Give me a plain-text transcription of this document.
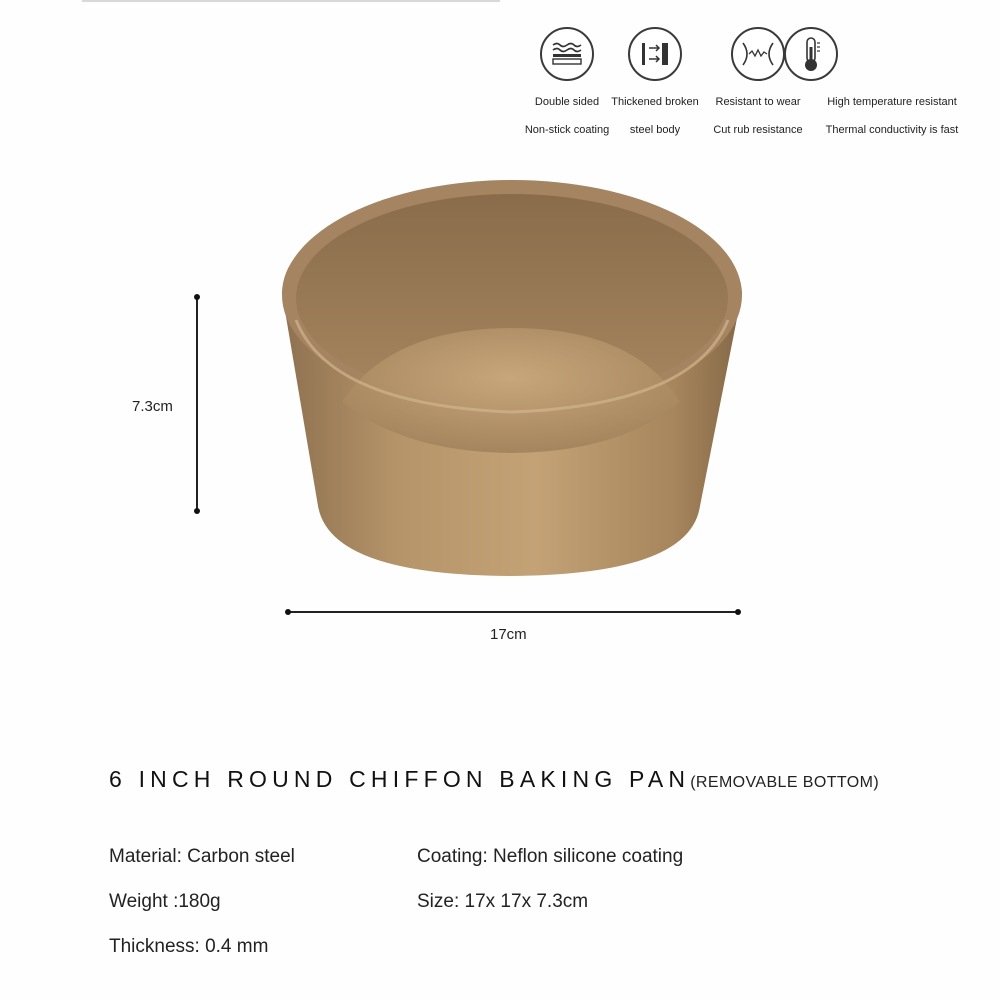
Double sided
Non-stick coating
Thickened broken
steel body
Resistant to wear
Cut rub resistance
High temperature resistant
Thermal conductivity is fast
7.3cm
17cm
6 INCH ROUND CHIFFON BAKING PAN(REMOVABLE BOTTOM)
Material: Carbon steel	Coating: Neflon silicone coating
Weight :180g	Size: 17x 17x 7.3cm
Thickness: 0.4 mm
